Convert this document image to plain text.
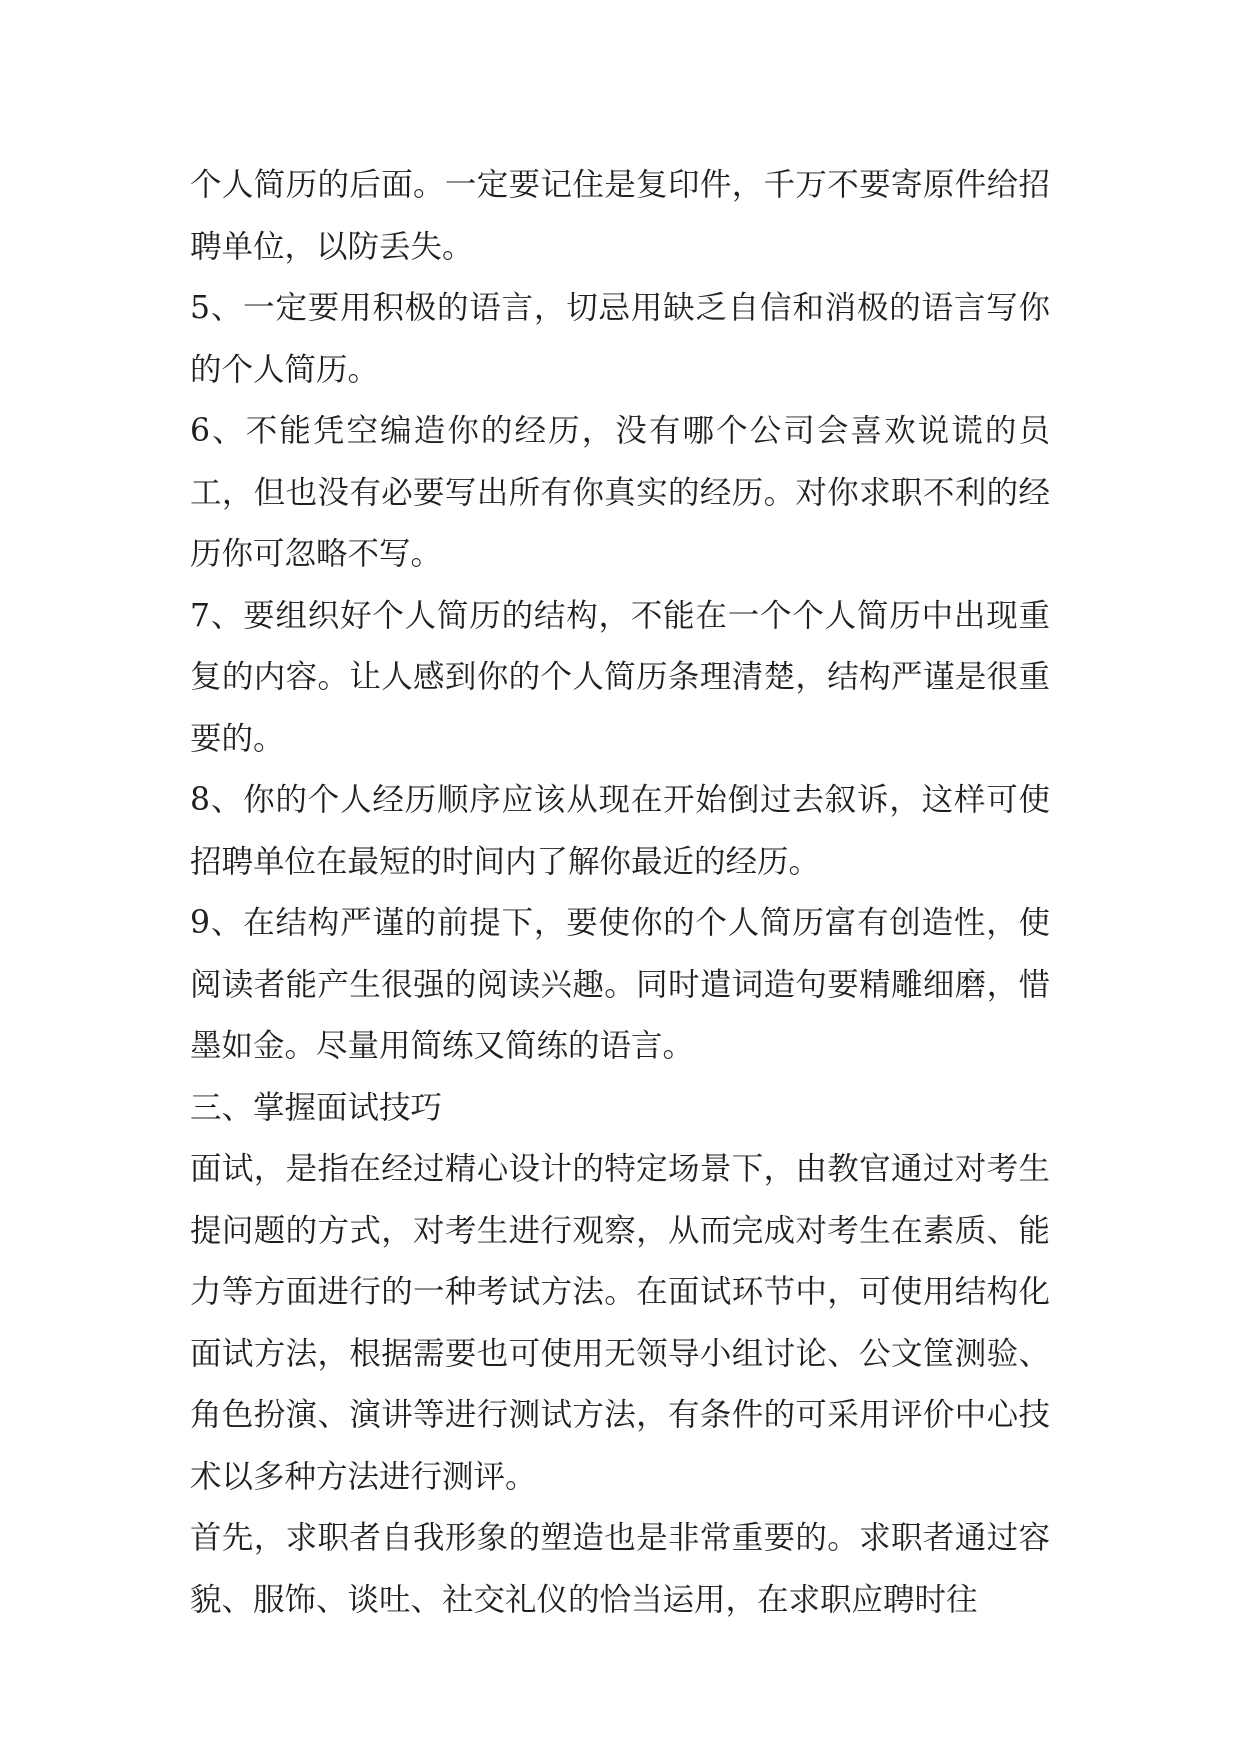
个人简历的后面。一定要记住是复印件，千万不要寄原件给招聘单位，以防丢失。

5、一定要用积极的语言，切忌用缺乏自信和消极的语言写你的个人简历。

6、不能凭空编造你的经历，没有哪个公司会喜欢说谎的员工，但也没有必要写出所有你真实的经历。对你求职不利的经历你可忽略不写。

7、要组织好个人简历的结构，不能在一个个人简历中出现重复的内容。让人感到你的个人简历条理清楚，结构严谨是很重要的。

8、你的个人经历顺序应该从现在开始倒过去叙诉，这样可使招聘单位在最短的时间内了解你最近的经历。

9、在结构严谨的前提下，要使你的个人简历富有创造性，使阅读者能产生很强的阅读兴趣。同时遣词造句要精雕细磨，惜墨如金。尽量用简练又简练的语言。

三、掌握面试技巧

面试，是指在经过精心设计的特定场景下，由教官通过对考生提问题的方式，对考生进行观察，从而完成对考生在素质、能力等方面进行的一种考试方法。在面试环节中，可使用结构化面试方法，根据需要也可使用无领导小组讨论、公文筐测验、角色扮演、演讲等进行测试方法，有条件的可采用评价中心技术以多种方法进行测评。

首先，求职者自我形象的塑造也是非常重要的。求职者通过容貌、服饰、谈吐、社交礼仪的恰当运用，在求职应聘时往
